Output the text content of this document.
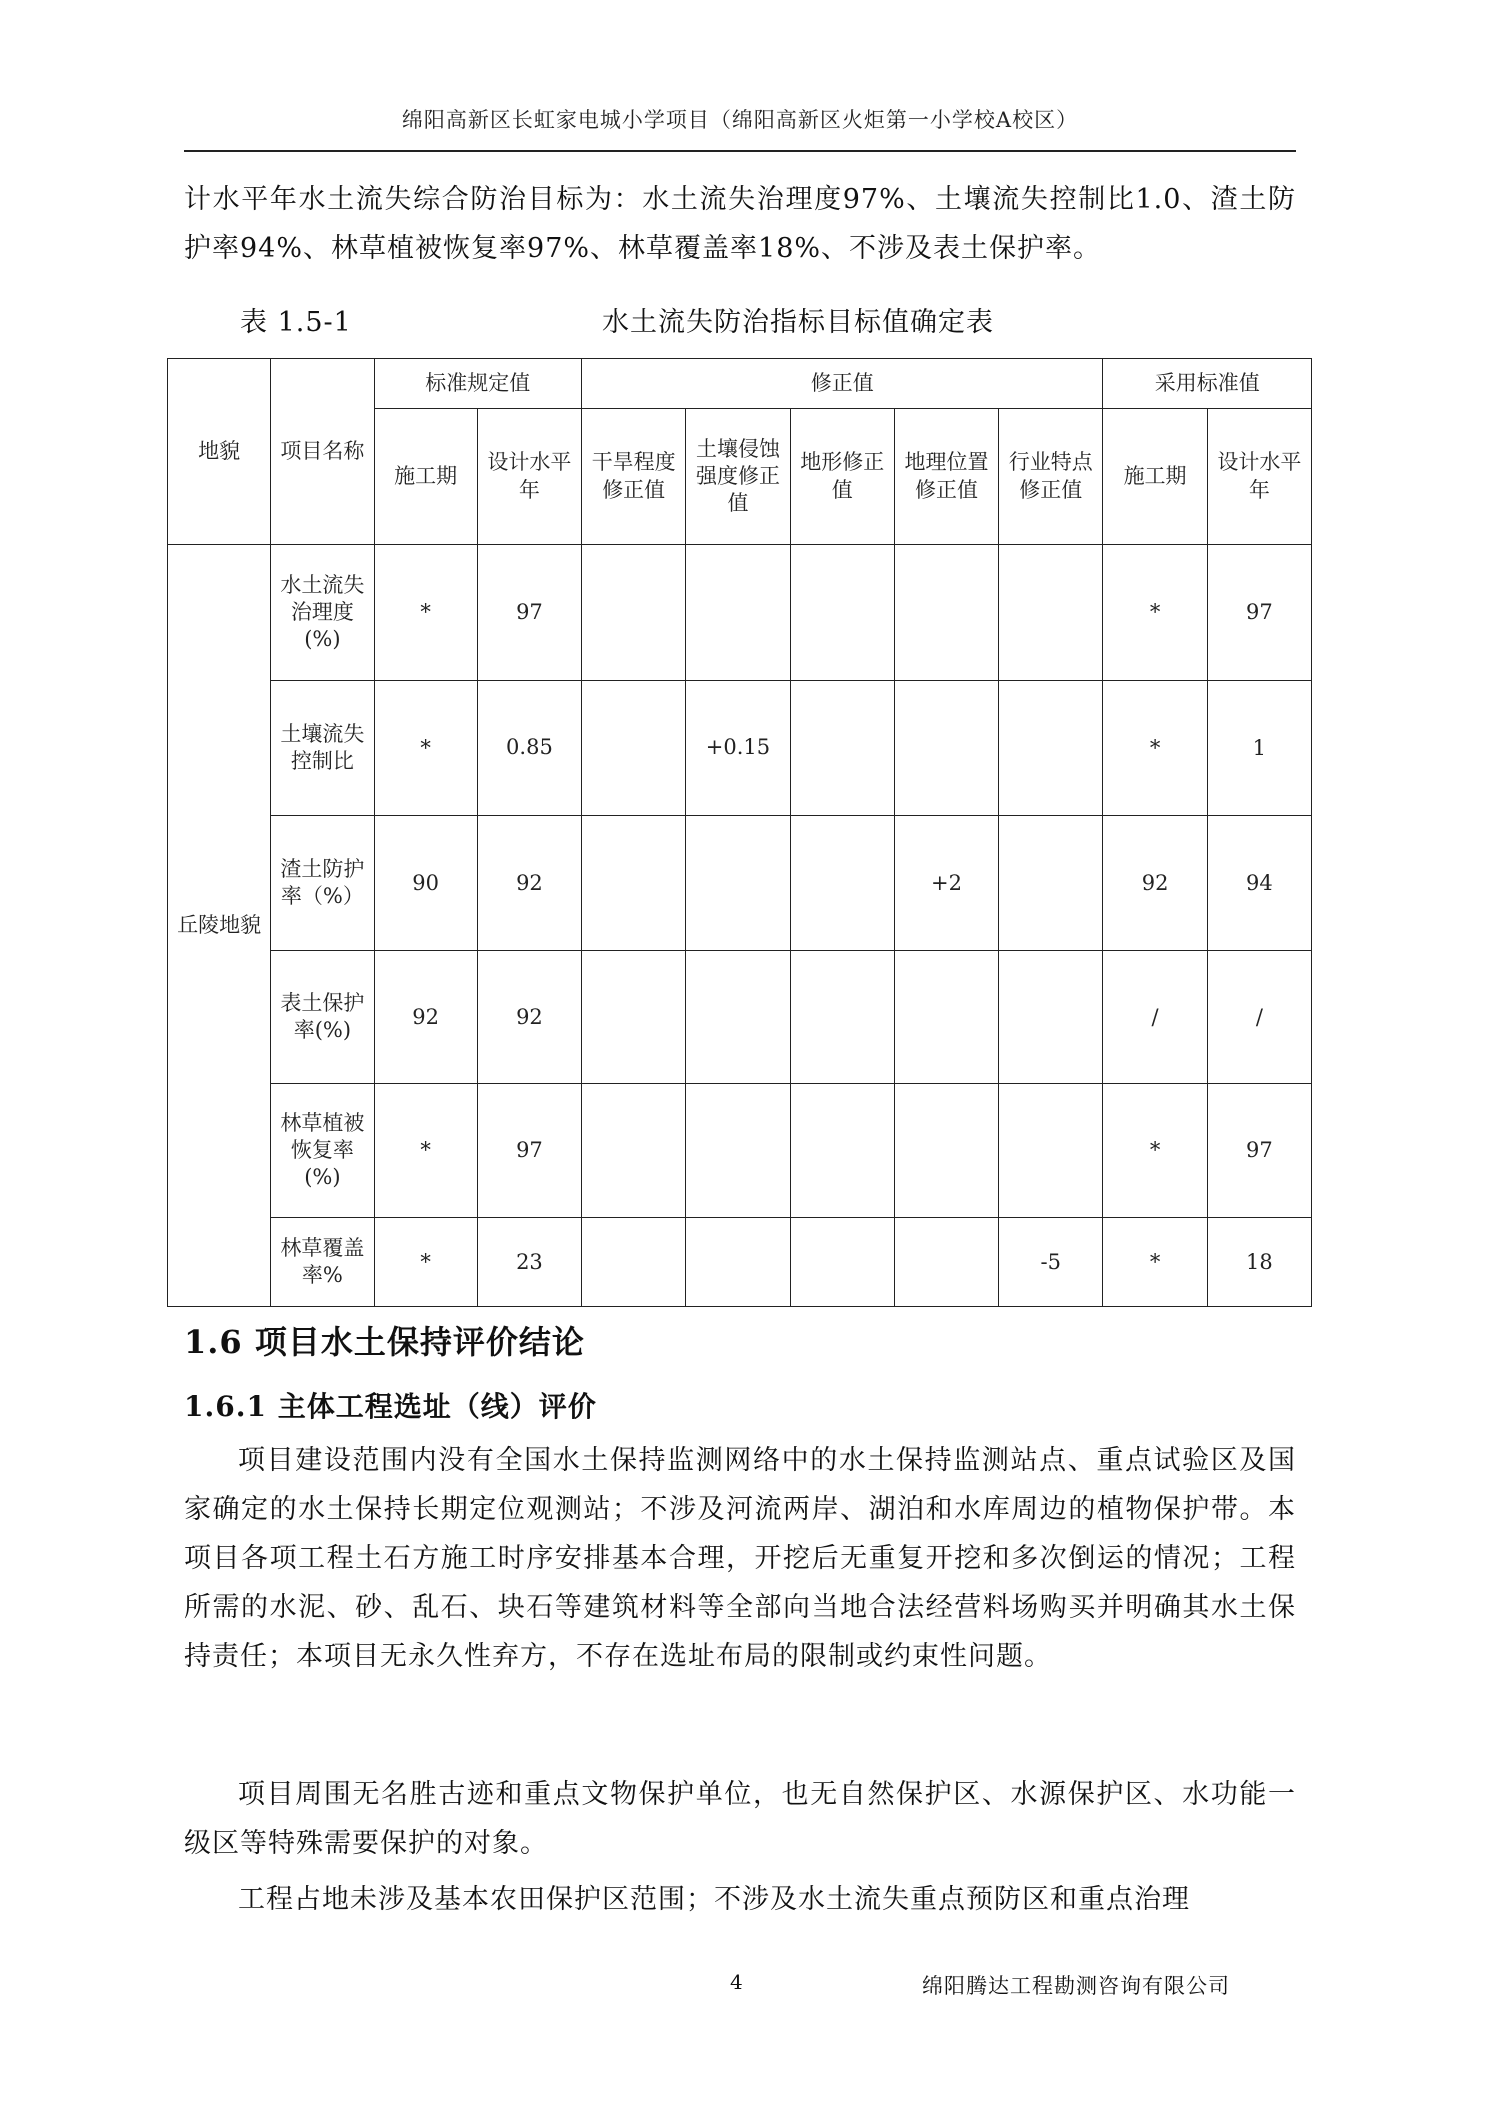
绵阳高新区长虹家电城小学项目（绵阳高新区火炬第一小学校A校区）

计水平年水土流失综合防治目标为：水土流失治理度97%、土壤流失控制比1.0、渣土防护率94%、林草植被恢复率97%、林草覆盖率18%、不涉及表土保护率。

表 1.5-1	水土流失防治指标目标值确定表
地貌	项目名称	标准规定值		修正值					采用标准值	
		施工期	设计水平年	干旱程度修正值	土壤侵蚀强度修正值	地形修正值	地理位置修正值	行业特点修正值	施工期	设计水平年
丘陵地貌	水土流失治理度(%)	*	97						*	97
	土壤流失控制比	*	0.85		+0.15				*	1
	渣土防护率（%）	90	92				+2		92	94
	表土保护率(%)	92	92						/	/
	林草植被恢复率(%)	*	97						*	97
	林草覆盖率%	*	23					-5	*	18
1.6 项目水土保持评价结论
1.6.1 主体工程选址（线）评价

项目建设范围内没有全国水土保持监测网络中的水土保持监测站点、重点试验区及国家确定的水土保持长期定位观测站；不涉及河流两岸、湖泊和水库周边的植物保护带。本项目各项工程土石方施工时序安排基本合理，开挖后无重复开挖和多次倒运的情况；工程所需的水泥、砂、乱石、块石等建筑材料等全部向当地合法经营料场购买并明确其水土保持责任；本项目无永久性弃方，不存在选址布局的限制或约束性问题。

项目周围无名胜古迹和重点文物保护单位，也无自然保护区、水源保护区、水功能一级区等特殊需要保护的对象。

工程占地未涉及基本农田保护区范围；不涉及水土流失重点预防区和重点治理

4	绵阳腾达工程勘测咨询有限公司
